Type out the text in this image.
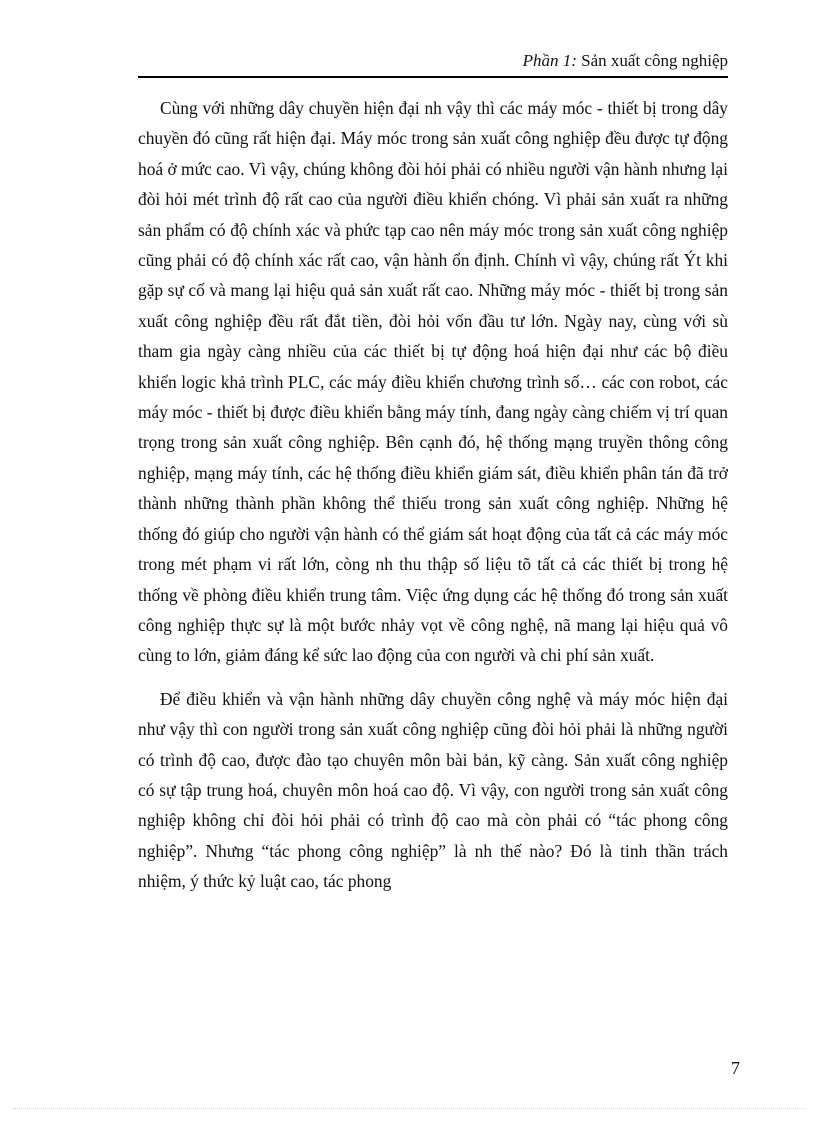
Phần 1: Sản xuất công nghiệp

Cùng với những dây chuyền hiện đại nh vậy thì các máy móc - thiết bị trong dây chuyền đó cũng rất hiện đại. Máy móc trong sản xuất công nghiệp đều được tự động hoá ở mức cao. Vì vậy, chúng không đòi hỏi phải có nhiều người vận hành nhưng lại đòi hỏi mét trình độ rất cao của người điều khiển chóng. Vì phải sản xuất ra những sản phẩm có độ chính xác và phức tạp cao nên máy móc trong sản xuất công nghiệp cũng phải có độ chính xác rất cao, vận hành ổn định. Chính vì vậy, chúng rất Ýt khi gặp sự cố và mang lại hiệu quả sản xuất rất cao. Những máy móc - thiết bị trong sản xuất công nghiệp đều rất đắt tiền, đòi hỏi vốn đầu tư lớn. Ngày nay, cùng với sù tham gia ngày càng nhiều của các thiết bị tự động hoá hiện đại như các bộ điều khiển logic khả trình PLC, các máy điều khiển chương trình số… các con robot, các máy móc - thiết bị được điều khiển bằng máy tính, đang ngày càng chiếm vị trí quan trọng trong sản xuất công nghiệp. Bên cạnh đó, hệ thống mạng truyền thông công nghiệp, mạng máy tính, các hệ thống điều khiển giám sát, điều khiển phân tán đã trở thành những thành phần không thể thiếu trong sản xuất công nghiệp. Những hệ thống đó giúp cho người vận hành có thể giám sát hoạt động của tất cả các máy móc trong mét phạm vi rất lớn, còng nh thu thập số liệu tõ tất cả các thiết bị trong hệ thống về phòng điều khiển trung tâm. Việc ứng dụng các hệ thống đó trong sản xuất công nghiệp thực sự là một bước nhảy vọt về công nghệ, nã mang lại hiệu quả vô cùng to lớn, giảm đáng kể sức lao động của con người và chi phí sản xuất.

Để điều khiển và vận hành những dây chuyền công nghệ và máy móc hiện đại như vậy thì con người trong sản xuất công nghiệp cũng đòi hỏi phải là những người có trình độ cao, được đào tạo chuyên môn bài bản, kỹ càng. Sản xuất công nghiệp có sự tập trung hoá, chuyên môn hoá cao độ. Vì vậy, con người trong sản xuất công nghiệp không chỉ đòi hỏi phải có trình độ cao mà còn phải có “tác phong công nghiệp”. Nhưng “tác phong công nghiệp” là nh thế nào? Đó là tinh thần trách nhiệm, ý thức kỷ luật cao, tác phong

7
